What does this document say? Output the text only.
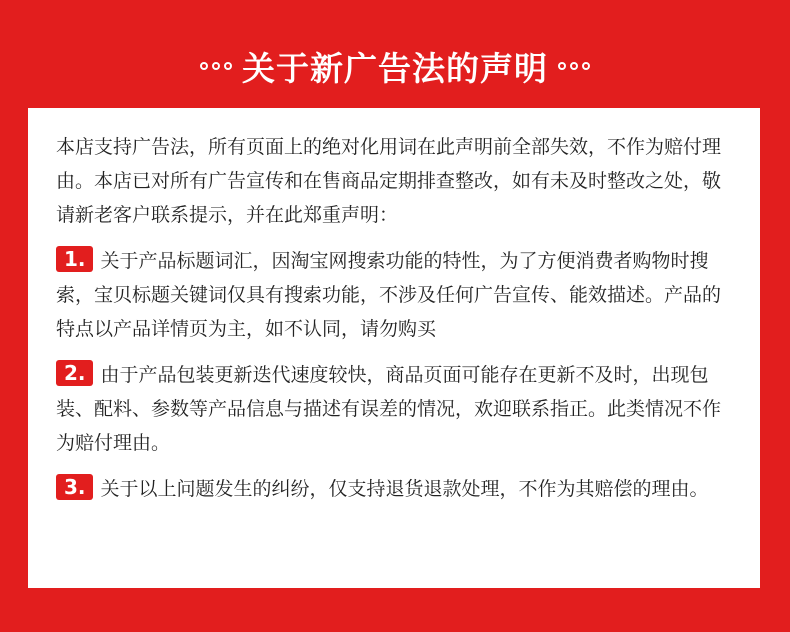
关于新广告法的声明

本店支持广告法，所有页面上的绝对化用词在此声明前全部失效，不作为赔付理由。本店已对所有广告宣传和在售商品定期排查整改，如有未及时整改之处，敬请新老客户联系提示，并在此郑重声明：

1. 关于产品标题词汇，因淘宝网搜索功能的特性，为了方便消费者购物时搜索，宝贝标题关键词仅具有搜索功能，不涉及任何广告宣传、能效描述。产品的特点以产品详情页为主，如不认同，请勿购买

2. 由于产品包装更新迭代速度较快，商品页面可能存在更新不及时，出现包装、配料、参数等产品信息与描述有误差的情况，欢迎联系指正。此类情况不作为赔付理由。

3. 关于以上问题发生的纠纷，仅支持退货退款处理，不作为其赔偿的理由。
